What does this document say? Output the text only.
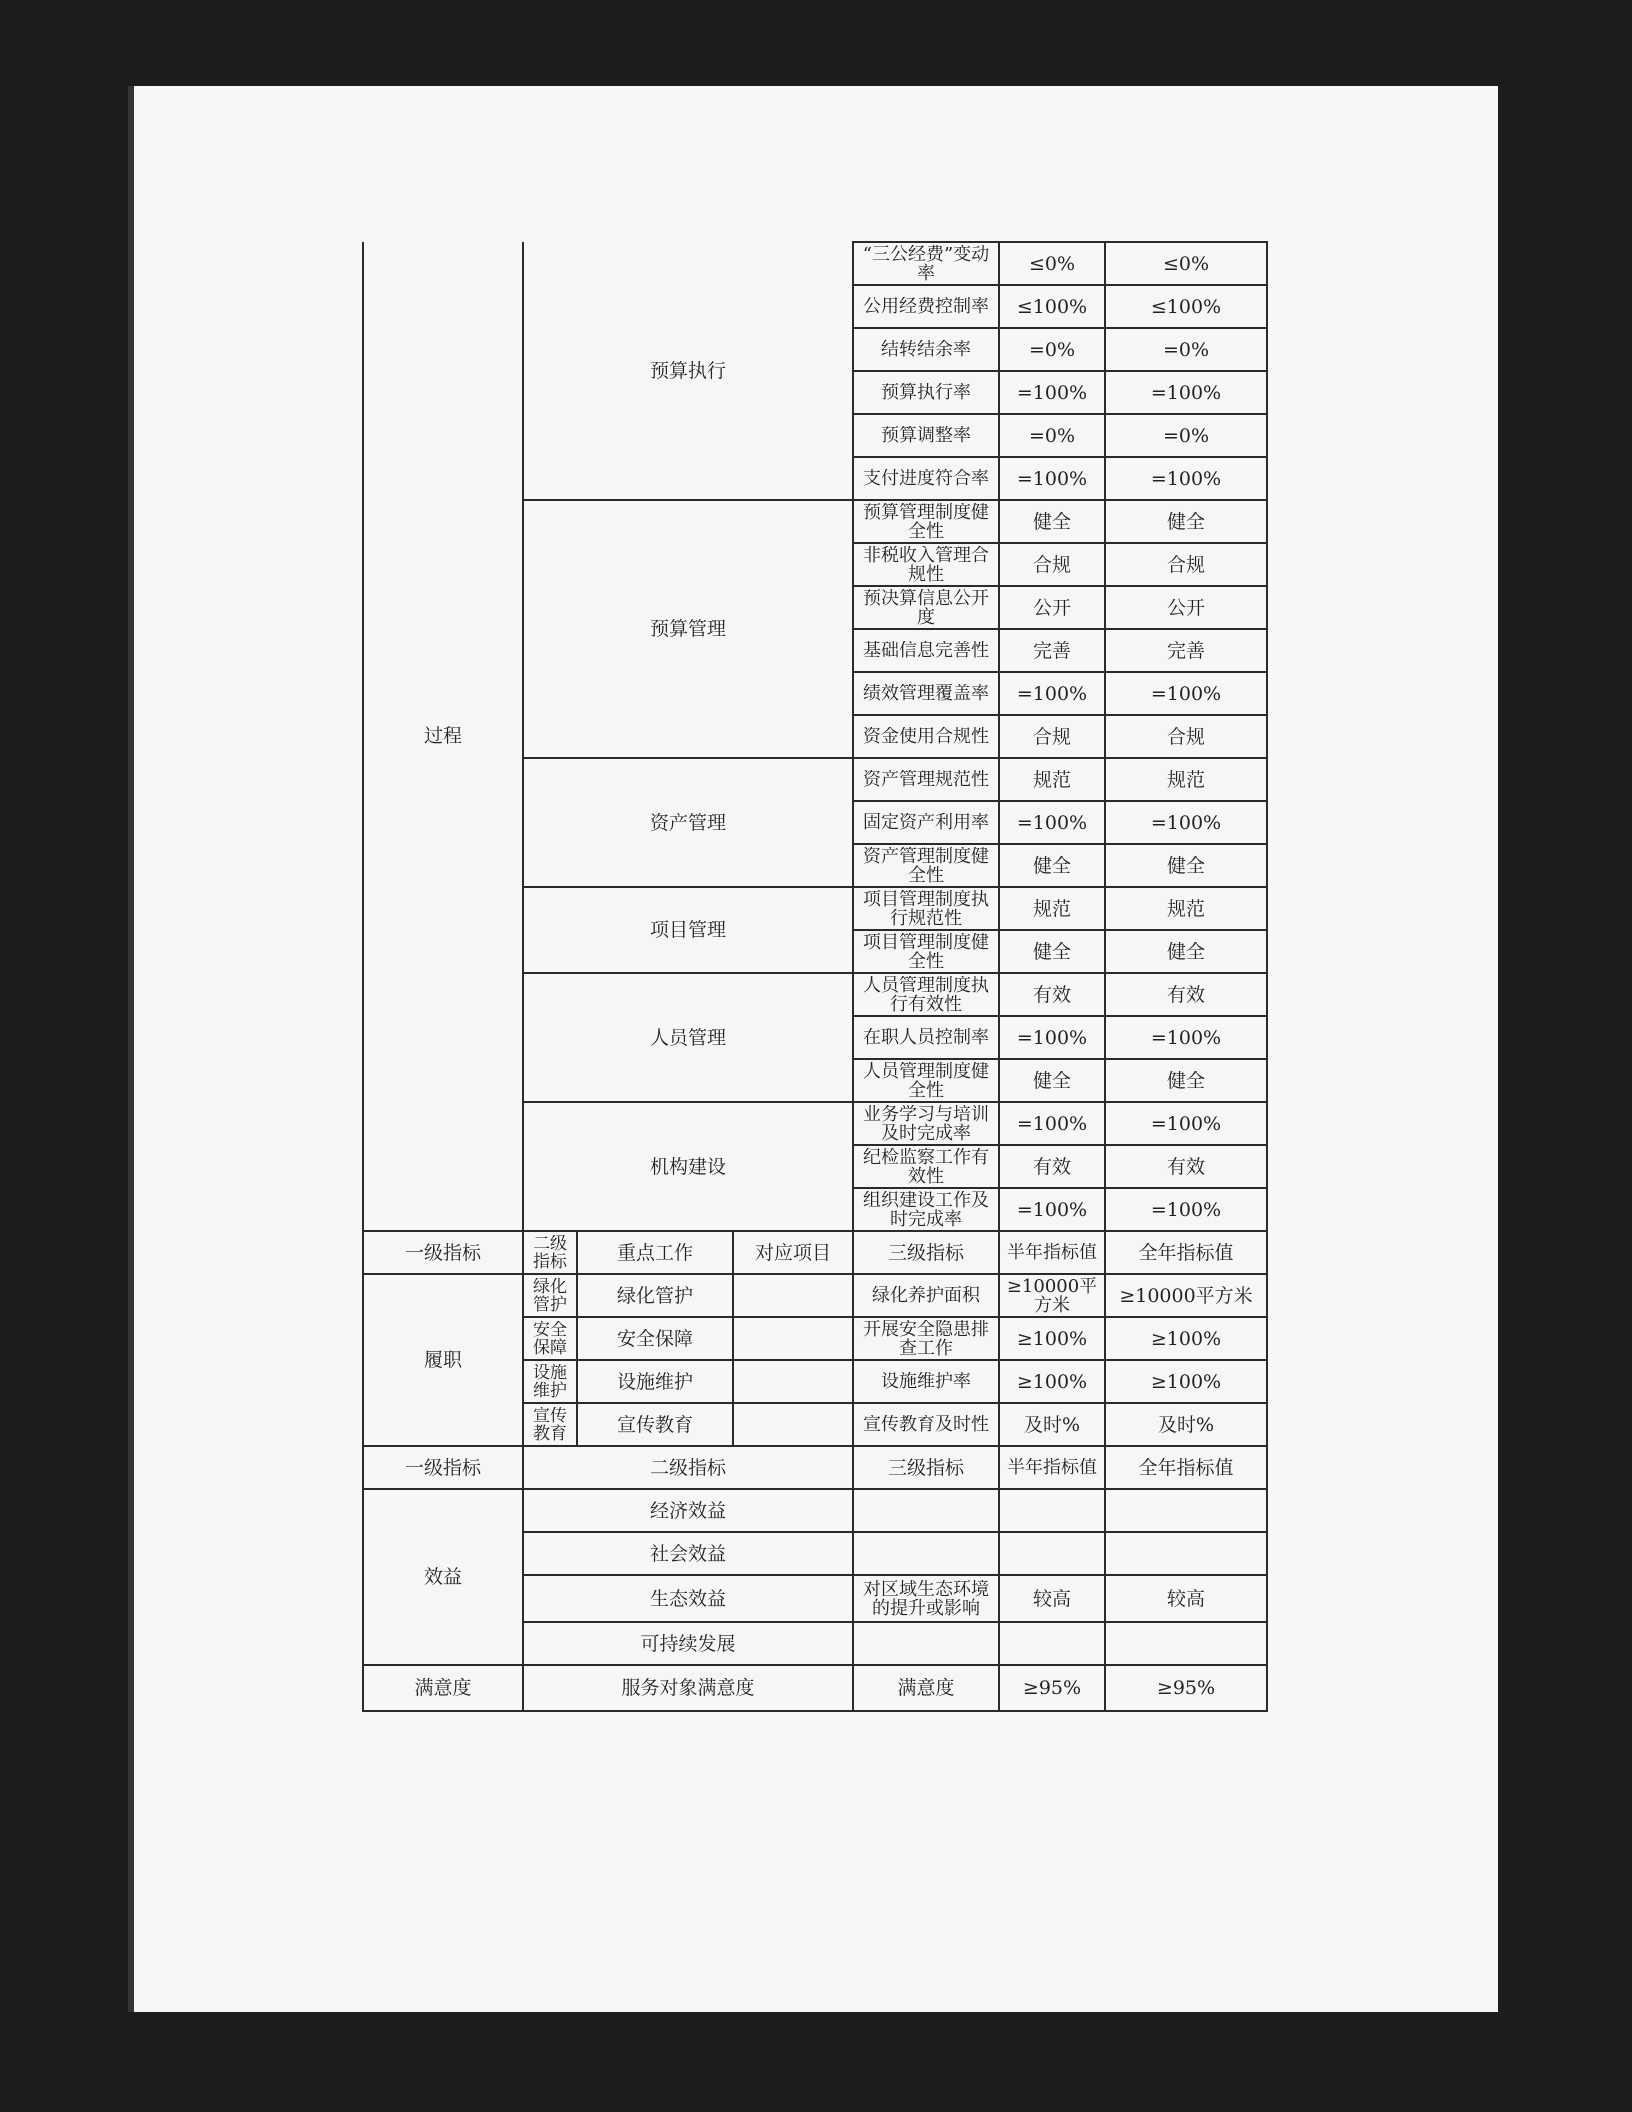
过程	预算执行			“三公经费”变动率	≤0%	≤0%

				公用经费控制率	≤100%	≤100%

				结转结余率	=0%	=0%

				预算执行率	=100%	=100%

				预算调整率	=0%	=0%

				支付进度符合率	=100%	=100%
	预算管理			预算管理制度健全性	健全	健全

				非税收入管理合规性	合规	合规

				预决算信息公开度	公开	公开

				基础信息完善性	完善	完善

				绩效管理覆盖率	=100%	=100%

				资金使用合规性	合规	合规
	资产管理			资产管理规范性	规范	规范

				固定资产利用率	=100%	=100%

				资产管理制度健全性	健全	健全
	项目管理			项目管理制度执行规范性	规范	规范

				项目管理制度健全性	健全	健全
	人员管理			人员管理制度执行有效性	有效	有效

				在职人员控制率	=100%	=100%

				人员管理制度健全性	健全	健全
	机构建设			业务学习与培训及时完成率	=100%	=100%

				纪检监察工作有效性	有效	有效

				组织建设工作及时完成率	=100%	=100%
一级指标	二级指标	重点工作	对应项目	三级指标	半年指标值	全年指标值
履职	绿化管护	绿化管护		绿化养护面积	≥10000平方米	≥10000平方米

	安全保障	安全保障		开展安全隐患排查工作	≥100%	≥100%

	设施维护	设施维护		设施维护率	≥100%	≥100%

	宣传教育	宣传教育		宣传教育及时性	及时%	及时%
一级指标	二级指标			三级指标	半年指标值	全年指标值
效益	经济效益					
	社会效益					
	生态效益			对区域生态环境的提升或影响	较高	较高
	可持续发展					
满意度	服务对象满意度			满意度	≥95%	≥95%
